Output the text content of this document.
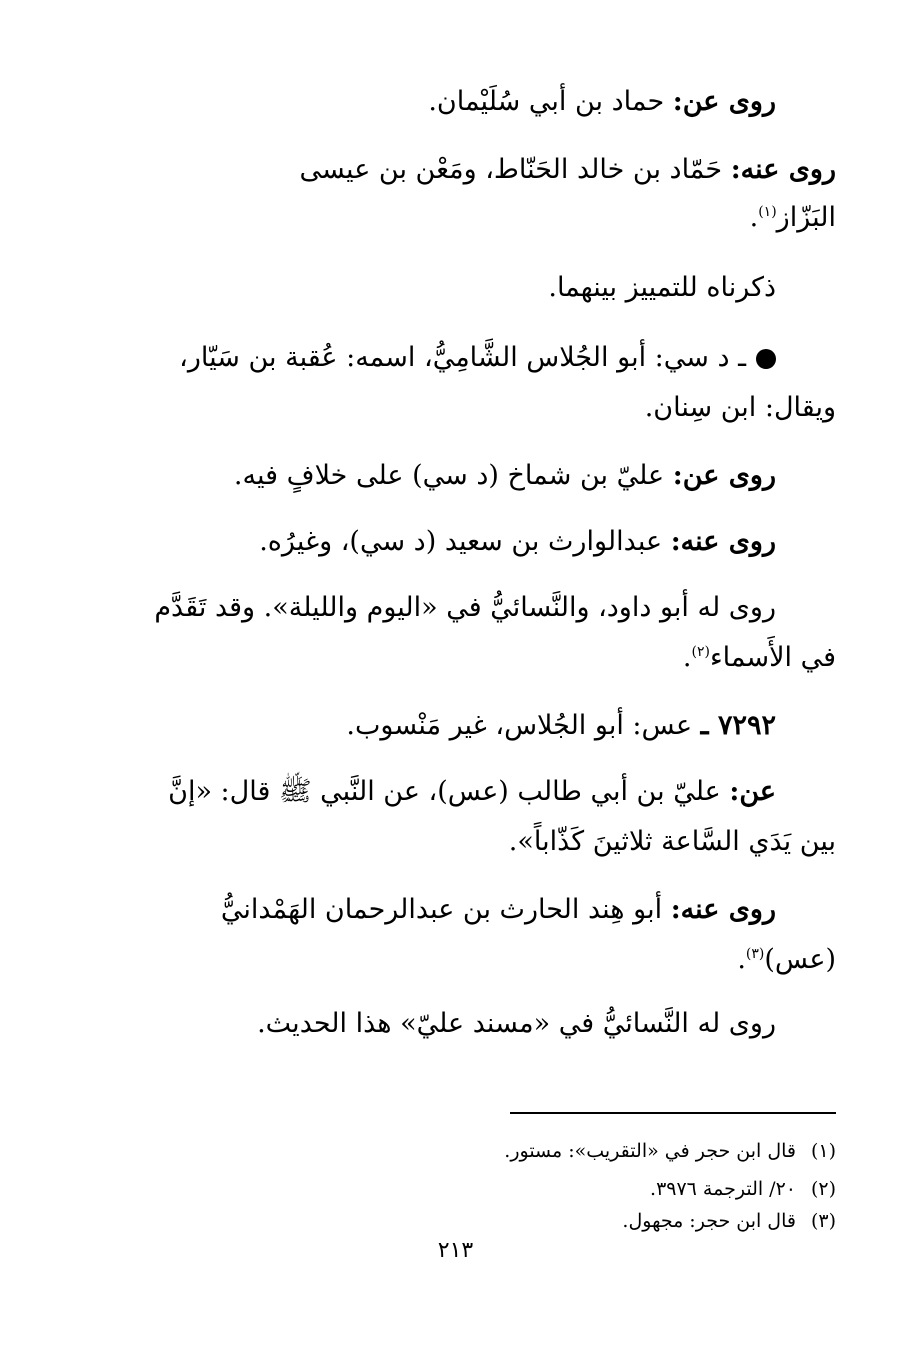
روى عن: حماد بن أبي سُلَيْمان.
روى عنه: حَمّاد بن خالد الحَنّاط، ومَعْن بن عيسى
البَزّاز$^{(١)}$.
ذكرناه للتمييز بينهما.
ـ د سي: أبو الجُلاس الشَّامِيُّ، اسمه: عُقبة بن سَيّار،
ويقال: ابن سِنان.
روى عن: عليّ بن شماخ (د سي) على خلافٍ فيه.
روى عنه: عبدالوارث بن سعيد (د سي)، وغيرُه.
روى له أبو داود، والنَّسائيُّ في «اليوم والليلة». وقد تَقَدَّم
في الأَسماء$^{(٢)}$.
٧٢٩٢ ـ عس: أبو الجُلاس، غير مَنْسوب.
عن: عليّ بن أبي طالب (عس)، عن النَّبي ﷺ قال: «إنَّ
بين يَدَي السَّاعة ثلاثينَ كَذّاباً».
روى عنه: أبو هِند الحارث بن عبدالرحمان الهَمْدانيُّ
(عس)$^{(٣)}$.
روى له النَّسائيُّ في «مسند عليّ» هذا الحديث.
(١)قال ابن حجر في «التقريب»: مستور.
(٢)٢٠/ الترجمة ٣٩٧٦.
(٣)قال ابن حجر: مجهول.
٢١٣
